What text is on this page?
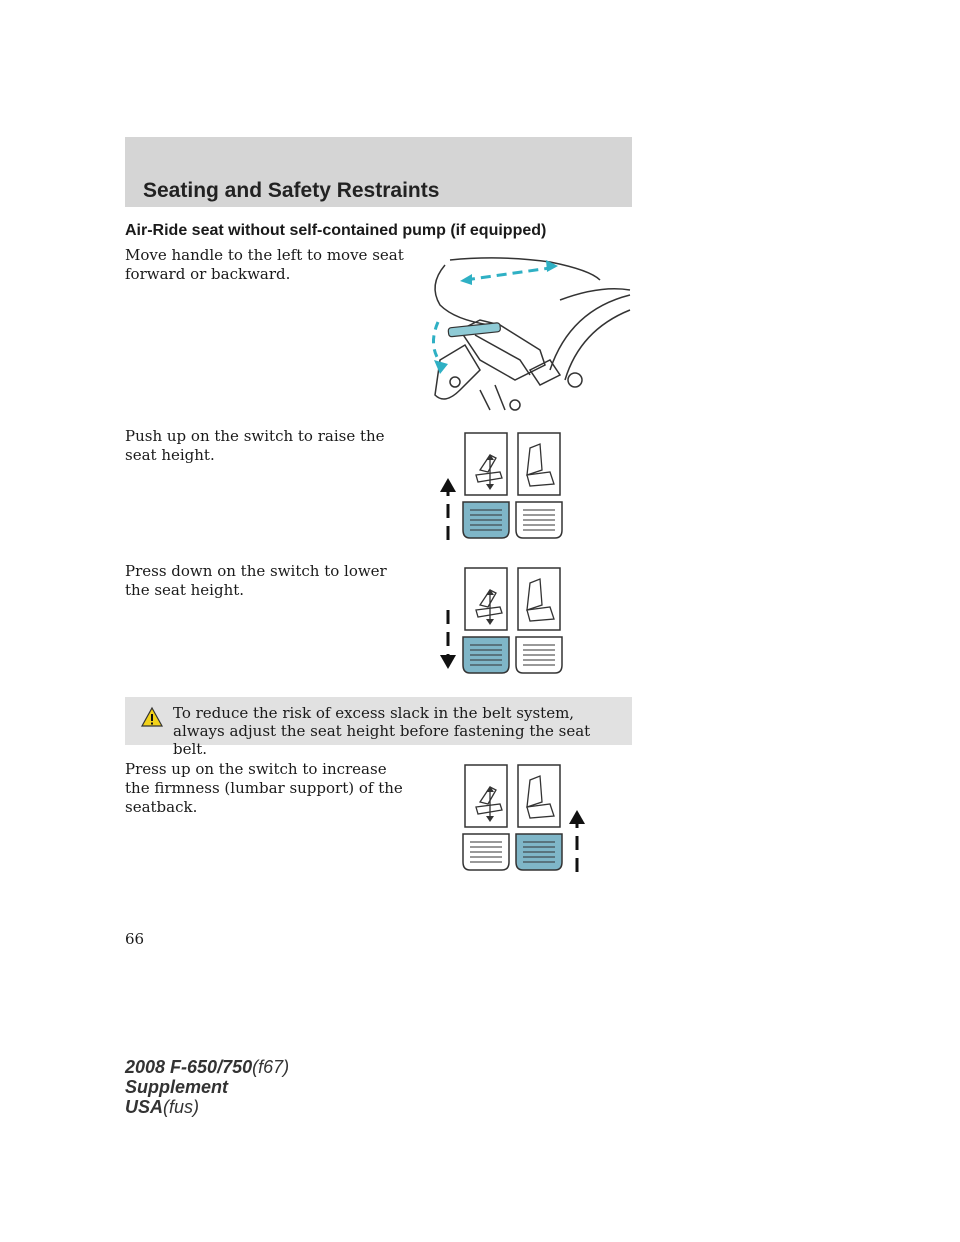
Seating and Safety Restraints
Air-Ride seat without self-contained pump (if equipped)
Move handle to the left to move seat forward or backward.
Push up on the switch to raise the seat height.
Press down on the switch to lower the seat height.
To reduce the risk of excess slack in the belt system, always adjust the seat height before fastening the seat belt.
Press up on the switch to increase the firmness (lumbar support) of the seatback.
66
2008 F-650/750(f67)
Supplement
USA(fus)
